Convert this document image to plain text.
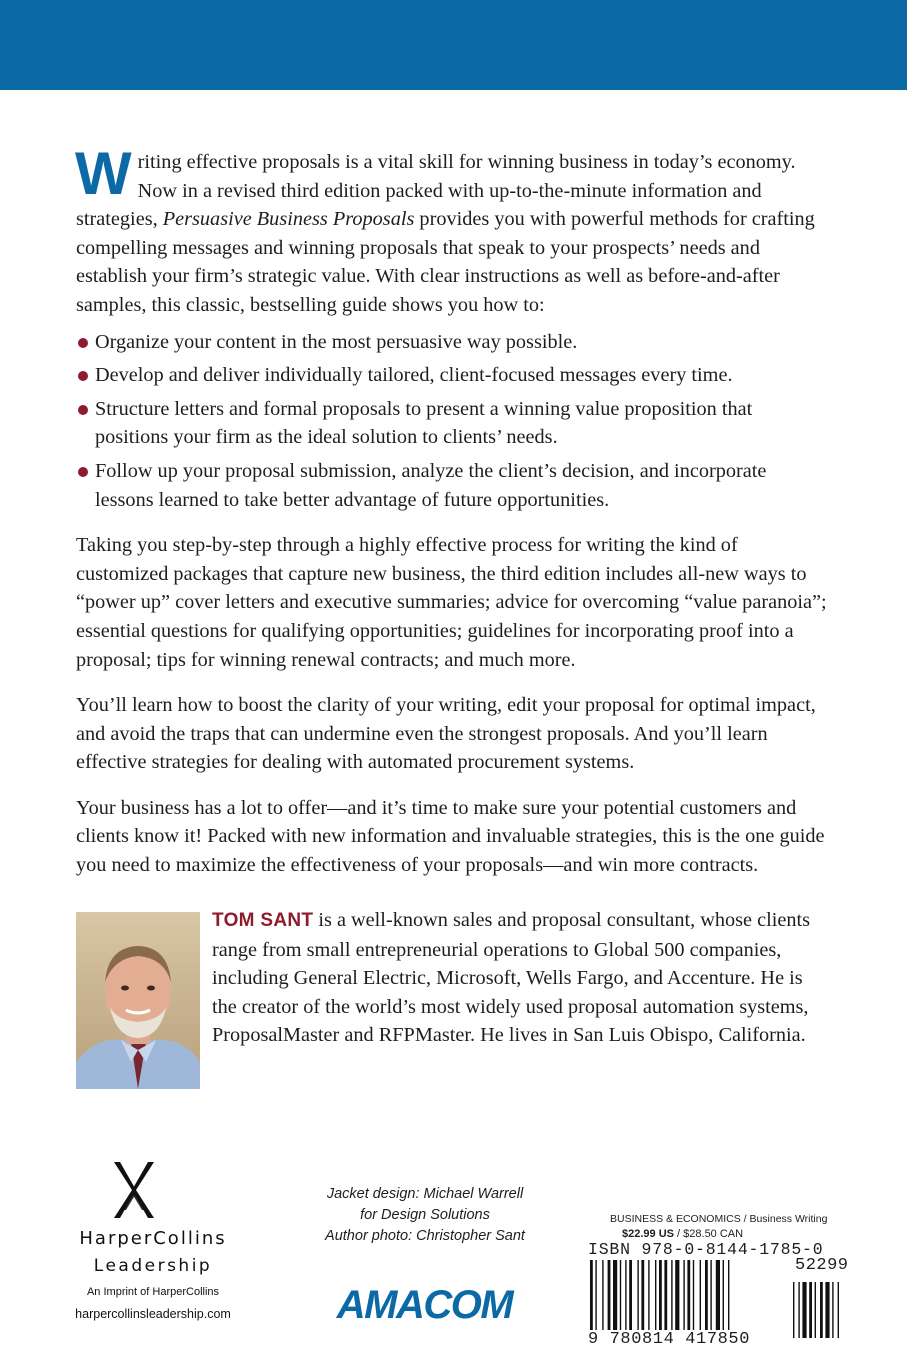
Writing effective proposals is a vital skill for winning business in today’s economy. Now in a revised third edition packed with up-to-the-minute information and strategies, Persuasive Business Proposals provides you with powerful methods for crafting compelling messages and winning proposals that speak to your prospects’ needs and establish your firm’s strategic value. With clear instructions as well as before-and-after samples, this classic, bestselling guide shows you how to:

Organize your content in the most persuasive way possible.
Develop and deliver individually tailored, client-focused messages every time.
Structure letters and formal proposals to present a winning value proposition that positions your firm as the ideal solution to clients’ needs.
Follow up your proposal submission, analyze the client’s decision, and incorporate lessons learned to take better advantage of future opportunities.

Taking you step-by-step through a highly effective process for writing the kind of customized packages that capture new business, the third edition includes all-new ways to “power up” cover letters and executive summaries; advice for overcoming “value paranoia”; essential questions for qualifying opportunities; guidelines for incorporating proof into a proposal; tips for winning renewal contracts; and much more.

You’ll learn how to boost the clarity of your writing, edit your proposal for optimal impact, and avoid the traps that can undermine even the strongest proposals. And you’ll learn effective strategies for dealing with automated procurement systems.

Your business has a lot to offer—and it’s time to make sure your potential customers and clients know it! Packed with new information and invaluable strategies, this is the one guide you need to maximize the effectiveness of your proposals—and win more contracts.

TOM SANT is a well-known sales and proposal consultant, whose clients range from small entrepreneurial operations to Global 500 companies, including General Electric, Microsoft, Wells Fargo, and Accenture. He is the creator of the world’s most widely used proposal automation systems, ProposalMaster and RFPMaster. He lives in San Luis Obispo, California.

HarperCollins
Leadership
An Imprint of HarperCollins
harpercollinsleadership.com
Jacket design: Michael Warrell
for Design Solutions
Author photo: Christopher Sant
AMACOM
BUSINESS & ECONOMICS / Business Writing
$22.99 US / $28.50 CAN
ISBN 978-0-8144-1785-0
52299
9 780814 417850
